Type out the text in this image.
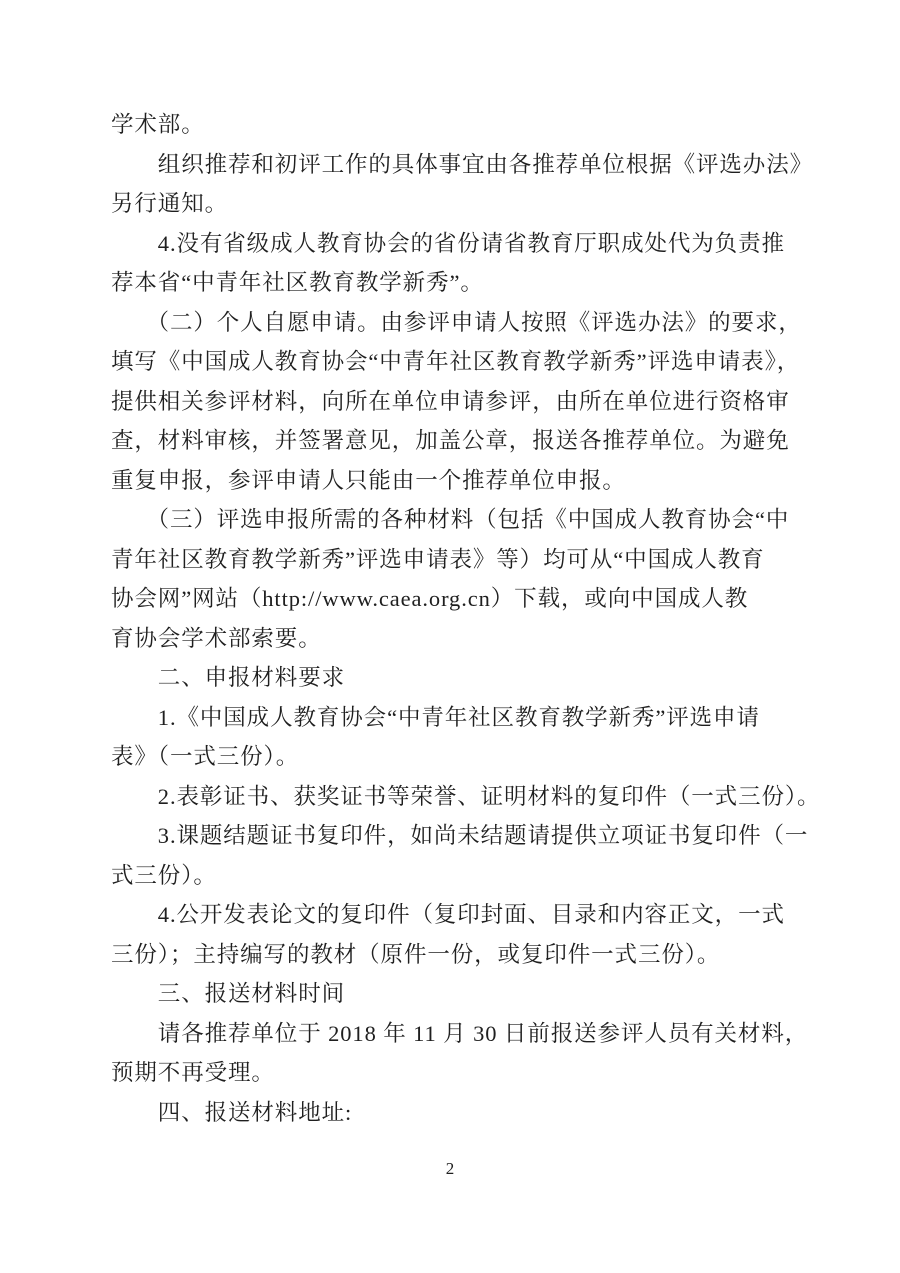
学术部。
　　组织推荐和初评工作的具体事宜由各推荐单位根据《评选办法》
另行通知。
　　4.没有省级成人教育协会的省份请省教育厅职成处代为负责推
荐本省“中青年社区教育教学新秀”。
　　（二）个人自愿申请。由参评申请人按照《评选办法》的要求，
填写《中国成人教育协会“中青年社区教育教学新秀”评选申请表》，
提供相关参评材料，向所在单位申请参评，由所在单位进行资格审
查，材料审核，并签署意见，加盖公章，报送各推荐单位。为避免
重复申报，参评申请人只能由一个推荐单位申报。
　　（三）评选申报所需的各种材料（包括《中国成人教育协会“中
青年社区教育教学新秀”评选申请表》等）均可从“中国成人教育
协会网”网站（http://www.caea.org.cn）下载，或向中国成人教
育协会学术部索要。
　　二、申报材料要求
　　1.《中国成人教育协会“中青年社区教育教学新秀”评选申请
表》（一式三份）。
　　2.表彰证书、获奖证书等荣誉、证明材料的复印件（一式三份）。
　　3.课题结题证书复印件，如尚未结题请提供立项证书复印件（一
式三份）。
　　4.公开发表论文的复印件（复印封面、目录和内容正文，一式
三份）；主持编写的教材（原件一份，或复印件一式三份）。
　　三、报送材料时间
　　请各推荐单位于 2018 年 11 月 30 日前报送参评人员有关材料，
预期不再受理。
　　四、报送材料地址:
2
